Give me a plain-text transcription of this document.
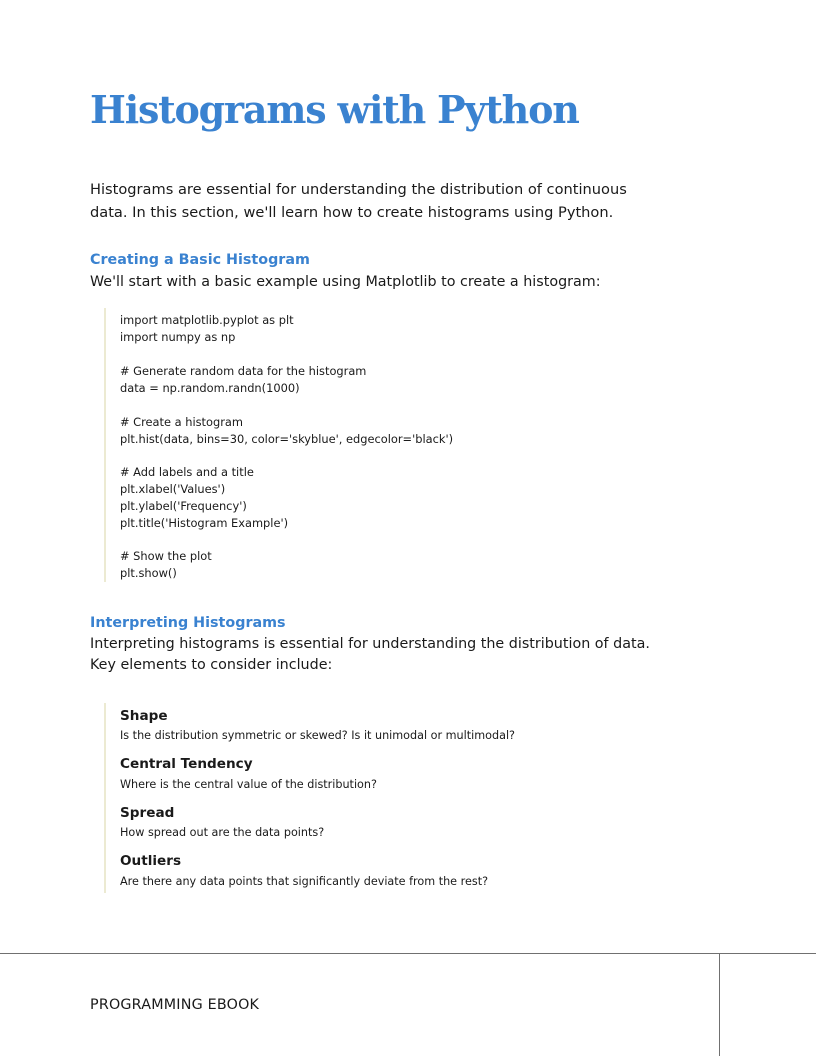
Histograms with Python

Histograms are essential for understanding the distribution of continuous data. In this section, we'll learn how to create histograms using Python.

Creating a Basic Histogram

We'll start with a basic example using Matplotlib to create a histogram:

import matplotlib.pyplot as plt
import numpy as np
# Generate random data for the histogram
data = np.random.randn(1000)
# Create a histogram
plt.hist(data, bins=30, color='skyblue', edgecolor='black')
# Add labels and a title
plt.xlabel('Values')
plt.ylabel('Frequency')
plt.title('Histogram Example')
# Show the plot
plt.show()
Interpreting Histograms

Interpreting histograms is essential for understanding the distribution of data. Key elements to consider include:

Shape
Is the distribution symmetric or skewed? Is it unimodal or multimodal?
Central Tendency
Where is the central value of the distribution?
Spread
How spread out are the data points?
Outliers
Are there any data points that significantly deviate from the rest?

PROGRAMMING EBOOK
